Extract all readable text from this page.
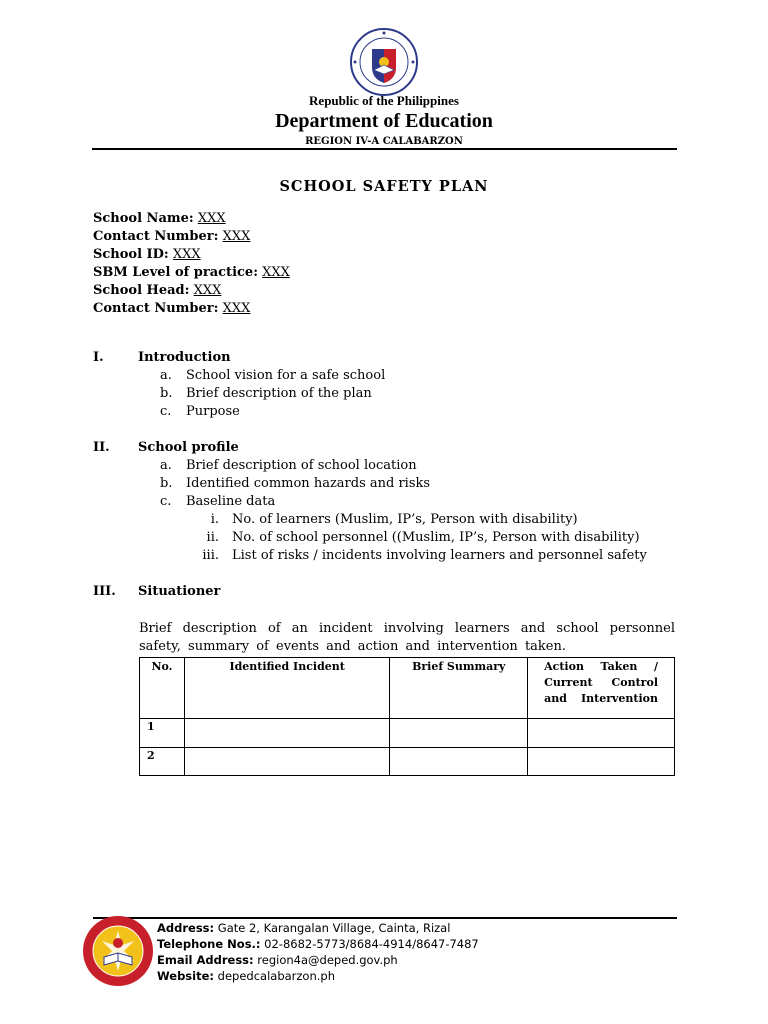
Republic of the Philippines
Department of Education
REGION IV-A CALABARZON
SCHOOL SAFETY PLAN
School Name: XXX
Contact Number: XXX
School ID: XXX
SBM Level of practice: XXX
School Head: XXX
Contact Number: XXX
I.	Introduction
a. School vision for a safe school
b. Brief description of the plan
c. Purpose
II. School profile
a. Brief description of school location
b. Identified common hazards and risks
c. Baseline data
i. No. of learners (Muslim, IP’s, Person with disability)
ii. No. of school personnel ((Muslim, IP’s, Person with disability)
iii. List of risks / incidents involving learners and personnel safety
III. Situationer
Brief description of an incident involving learners and school personnel
safety, summary of events and action and intervention taken.
No.	Identified Incident	Brief Summary	Action Taken / Current Control and Intervention
1			
2			
Address: Gate 2, Karangalan Village, Cainta, Rizal
Telephone Nos.: 02-8682-5773/8684-4914/8647-7487
Email Address: region4a@deped.gov.ph
Website: depedcalabarzon.ph
